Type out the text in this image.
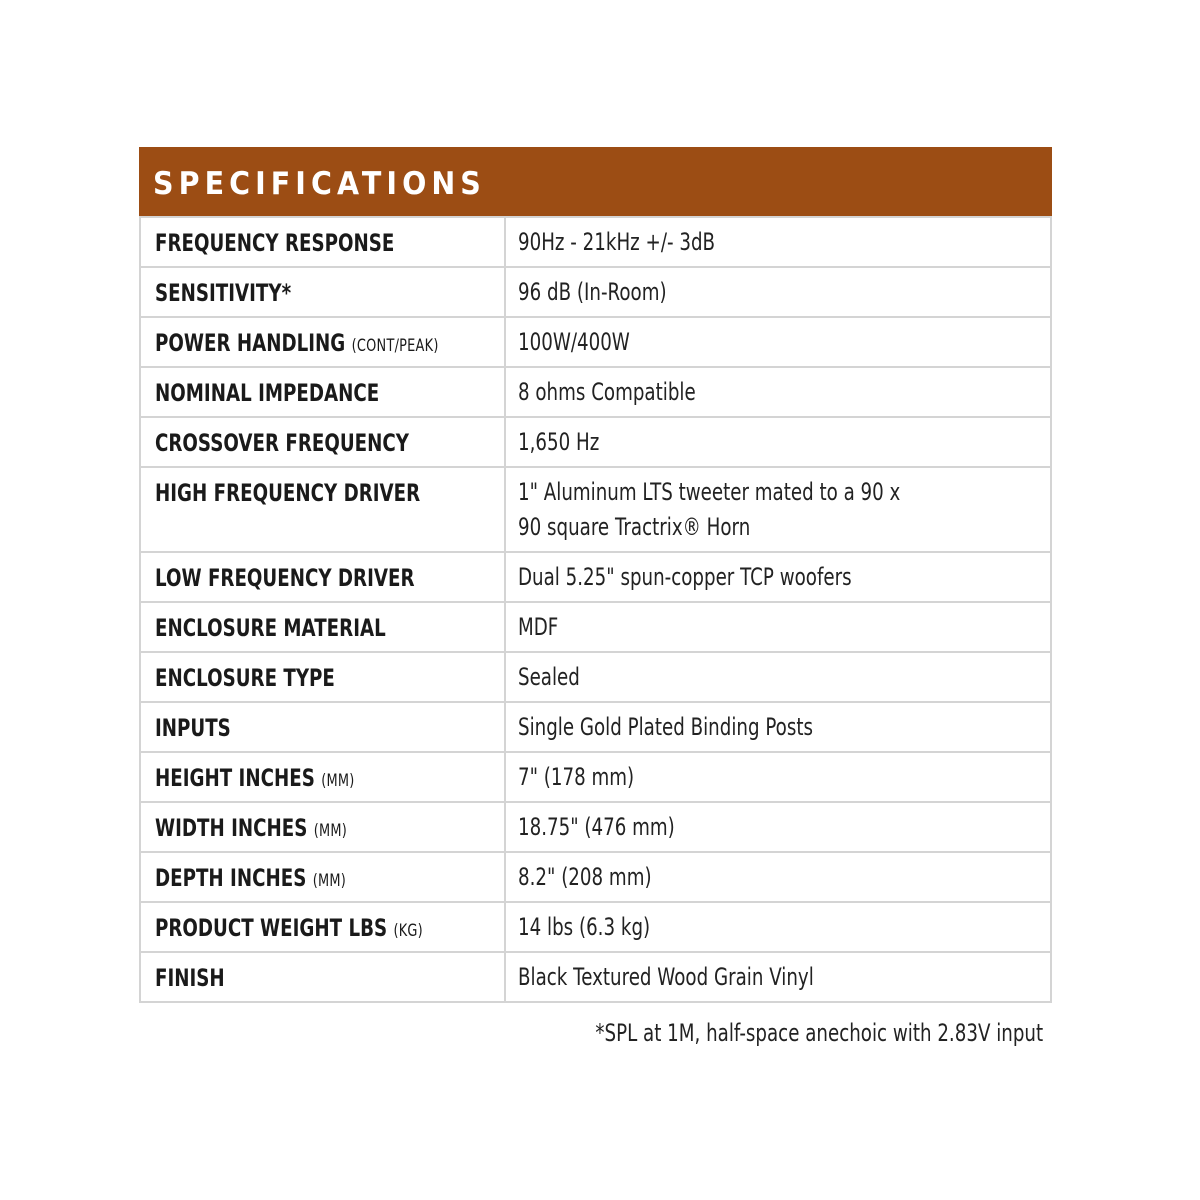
SPECIFICATIONS
FREQUENCY RESPONSE	90Hz - 21kHz +/- 3dB
SENSITIVITY*	96 dB (In-Room)
POWER HANDLING (CONT/PEAK)	100W/400W
NOMINAL IMPEDANCE	8 ohms Compatible
CROSSOVER FREQUENCY	1,650 Hz
HIGH FREQUENCY DRIVER	1" Aluminum LTS tweeter mated to a 90 x 90 square Tractrix® Horn
LOW FREQUENCY DRIVER	Dual 5.25" spun-copper TCP woofers
ENCLOSURE MATERIAL	MDF
ENCLOSURE TYPE	Sealed
INPUTS	Single Gold Plated Binding Posts
HEIGHT INCHES (MM)	7" (178 mm)
WIDTH INCHES (MM)	18.75" (476 mm)
DEPTH INCHES (MM)	8.2" (208 mm)
PRODUCT WEIGHT LBS (KG)	14 lbs (6.3 kg)
FINISH	Black Textured Wood Grain Vinyl
*SPL at 1M, half-space anechoic with 2.83V input
